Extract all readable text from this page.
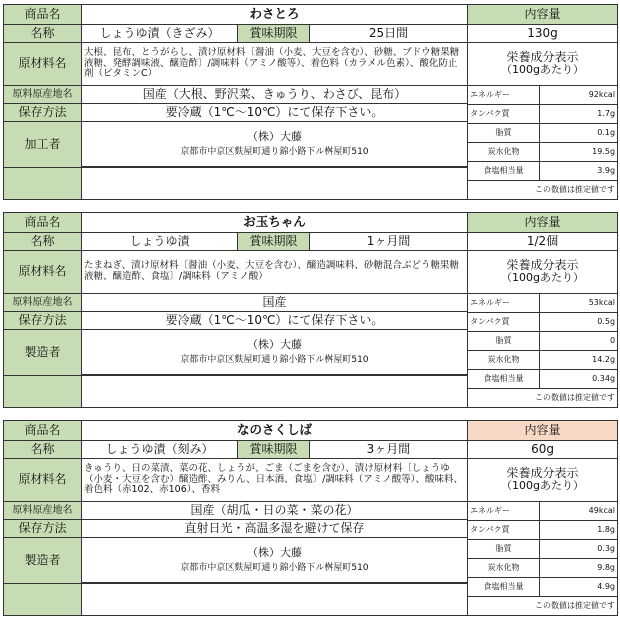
商品名	わさとろ	内容量
名称	しょうゆ漬（きざみ）	賞味期限	25日間	130g
原材料名	大根、昆布、とうがらし、漬け原材料〔醤油（小麦、大豆を含む）、砂糖、ブドウ糖果糖液糖、発酵調味液、醸造酢〕/調味料（アミノ酸等）、着色料（カラメル色素）、酸化防止剤（ビタミンC）	
栄養成分表示
（100gあたり）

エネルギー	92kcal
タンパク質	1.7g
脂質	0.1g
炭水化物	19.5g
食塩相当量	3.9g
この数値は推定値です

原料原産地名	国産（大根、野沢菜、きゅうり、わさび、昆布）
保存方法	要冷蔵（1℃～10℃）にて保存下さい。
加工者	
（株）大藤
京都市中京区麩屋町通り錦小路下ル桝屋町510

商品名	お玉ちゃん	内容量
名称	しょうゆ漬	賞味期限	1ヶ月間	1/2個
原材料名	たまねぎ、漬け原材料〔醤油（小麦、大豆を含む）、醸造調味料、砂糖混合ぶどう糖果糖液糖、醸造酢、食塩〕/調味料（アミノ酸）	
栄養成分表示
（100gあたり）

エネルギー	53kcal
タンパク質	0.5g
脂質	0
炭水化物	14.2g
食塩相当量	0.34g
この数値は推定値です

原料原産地名	国産
保存方法	要冷蔵（1℃～10℃）にて保存下さい。
製造者	
（株）大藤
京都市中京区麩屋町通り錦小路下ル桝屋町510

商品名	なのさくしば	内容量
名称	しょうゆ漬（刻み）	賞味期限	3ヶ月間	60g
原材料名	きゅうり、日の菜漬、菜の花、しょうが、ごま（ごまを含む）、漬け原材料〔しょうゆ（小麦・大豆を含む）醸造酢、みりん、日本酒、食塩〕/調味料（アミノ酸等）、酸味料、着色料（赤102、赤106）、香料	
栄養成分表示
（100gあたり）

エネルギー	49kcal
タンパク質	1.8g
脂質	0.3g
炭水化物	9.8g
食塩相当量	4.9g
この数値は推定値です

原料原産地名	国産（胡瓜・日の菜・菜の花）
保存方法	直射日光・高温多湿を避けて保存
製造者	
（株）大藤
京都市中京区麩屋町通り錦小路下ル桝屋町510
